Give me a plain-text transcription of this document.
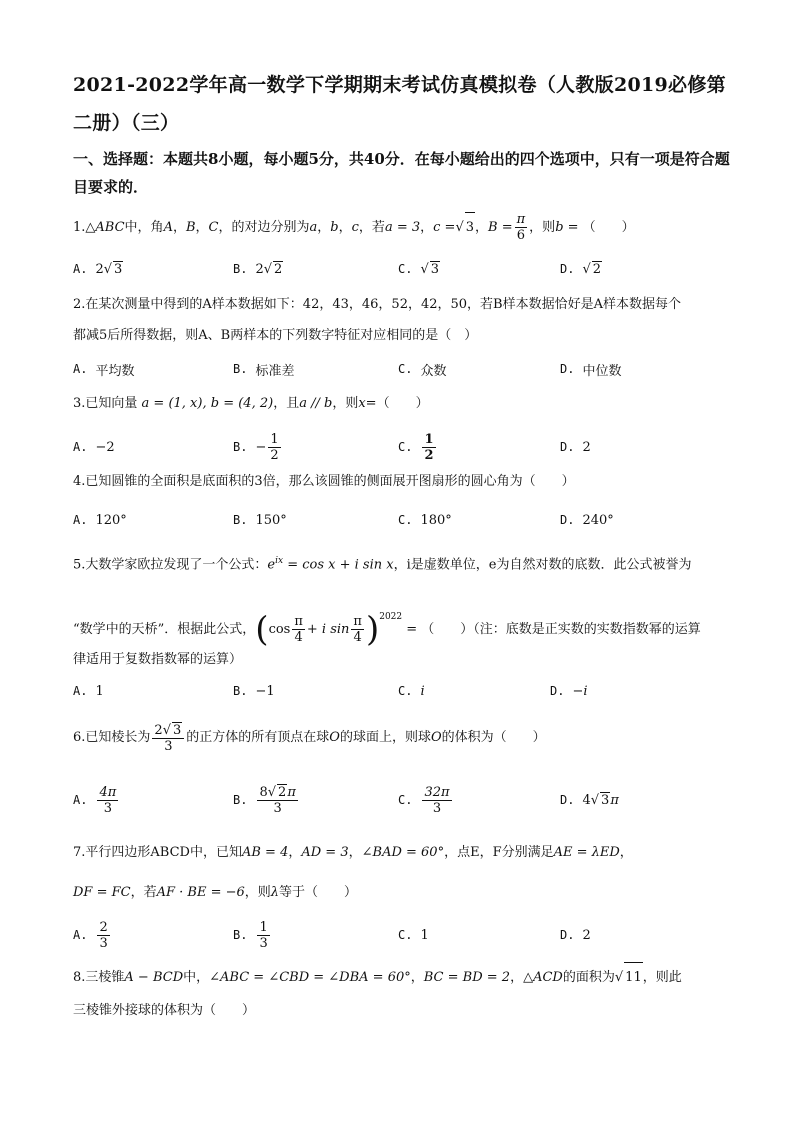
2021-2022学年高一数学下学期期末考试仿真模拟卷（人教版2019必修第二册）（三）
一、选择题：本题共8小题，每小题5分，共40分．在每小题给出的四个选项中，只有一项是符合题目要求的．
1.△ABC中，角A，B，C，的对边分别为a，b，c，若a = 3，c =√ 3，$B = \frac{\pi}{6}$ ，则b = （　　）
A. 2 √ 3	B. 2 √ 2	C. √ 3	D. √ 2
2.在某次测量中得到的A样本数据如下：42，43，46，52，42，50，若B样本数据恰好是A样本数据每个
都减5后所得数据，则A、B两样本的下列数字特征对应相同的是（　）
A. 平均数	B. 标准差	C. 众数	D. 中位数
3.已知向量 a = (1, x), b = (4, 2)，且a // b，则x=（　　）
A. −2	B. − $\frac{1}{2}$	C. $\frac{1}{2}$	D. 2
4.已知圆锥的全面积是底面积的3倍，那么该圆锥的侧面展开图扇形的圆心角为（　　）
A. 120°	B. 150°	C. 180°	D. 240°
5.大数学家欧拉发现了一个公式：$e^{ix} = \cos x + i$ sin x，i是虚数单位，e为自然对数的底数．此公式被誉为
“数学中的天桥”．根据此公式，($\cos \frac{\pi}{4} + i$ $\sin \frac{\pi}{4} )^{2022}$ = （　　）（注：底数是正实数的实数指数幂的运算
律适用于复数指数幂的运算）
A. 1	B. −1	C. i	D. −i
6.已知棱长为 $\frac{2√ 3}{3}$ 的正方体的所有顶点在球O的球面上，则球O的体积为（　　）
A. $\frac{4\pi}{3}$	B. $\frac{8√ 2\pi}{3}$	C. $\frac{32\pi}{3}$	D. 4 √ 3 π
7.平行四边形ABCD中，已知AB = 4，AD = 3，∠BAD = 60°，点E，F分别满足AE = λED，
DF = FC，若AF · BE = −6，则λ等于（　　）
A. $\frac{2}{3}$	B. $\frac{1}{3}$	C. 1	D. 2
8.三棱锥A − BCD中，∠ABC = ∠CBD = ∠DBA = 60°，BC = BD = 2，△ACD的面积为√ 11，则此
三棱锥外接球的体积为（　　）
